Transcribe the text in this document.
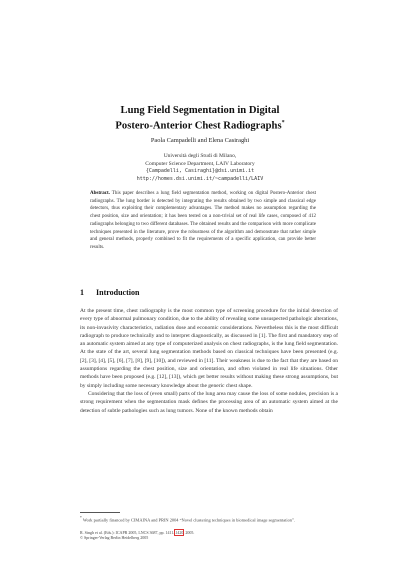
Lung Field Segmentation in Digital
Postero-Anterior Chest Radiographs*
Paola Campadelli and Elena Casiraghi
Università degli Studi di Milano,
Computer Science Department, LAIV Laboratory
{Campadelli, Casiraghi}@dsi.unimi.it
http://homes.dsi.unimi.it/~campadelli/LAIV
Abstract. This paper describes a lung field segmentation method, working on digital Postero-Anterior chest radiographs. The lung border is detected by integrating the results obtained by two simple and classical edge detectors, thus exploiting their complementary advantages. The method makes no assumption regarding the chest position, size and orientation; it has been tested on a non-trivial set of real life cases, composed of 412 radiographs belonging to two different databases. The obtained results and the comparison with more complicate techniques presented in the literature, prove the robustness of the algorithm and demonstrate that rather simple and general methods, properly combined to fit the requirements of a specific application, can provide better results.
1 Introduction

At the present time, chest radiography is the most common type of screening procedure for the initial detection of every type of abnormal pulmonary condition, due to the ability of revealing some unsuspected pathologic alterations, its non-invasivity characteristics, radiation dose and economic considerations. Nevertheless this is the most difficult radiograph to produce technically and to interpret diagnostically, as discussed in [1]. The first and mandatory step of an automatic system aimed at any type of computerized analysis on chest radiographs, is the lung field segmentation. At the state of the art, several lung segmentation methods based on classical techniques have been presented (e.g. [2], [3], [4], [5], [6], [7], [8], [9], [10]), and reviewed in [11]. Their weakness is due to the fact that they are based on assumptions regarding the chest position, size and orientation, and often violated in real life situations. Other methods have been proposed (e.g. [12], [13]), which get better results without making these strong assumptions, but by simply including some necessary knowledge about the generic chest shape.

Considering that the loss of (even small) parts of the lung area may cause the loss of some nodules, precision is a strong requirement when the segmentation mask defines the processing area of an automatic system aimed at the detection of subtle pathologies such as lung tumors. None of the known methods obtain

* Work partially financed by CIMAINA and PRIN 2004 “Novel clustering techniques in biomedical image segmentation”.
R. Singh et al. (Eds.): ICAPR 2005, LNCS 3687, pp. 1411–1420, 2005.
© Springer-Verlag Berlin Heidelberg 2005
